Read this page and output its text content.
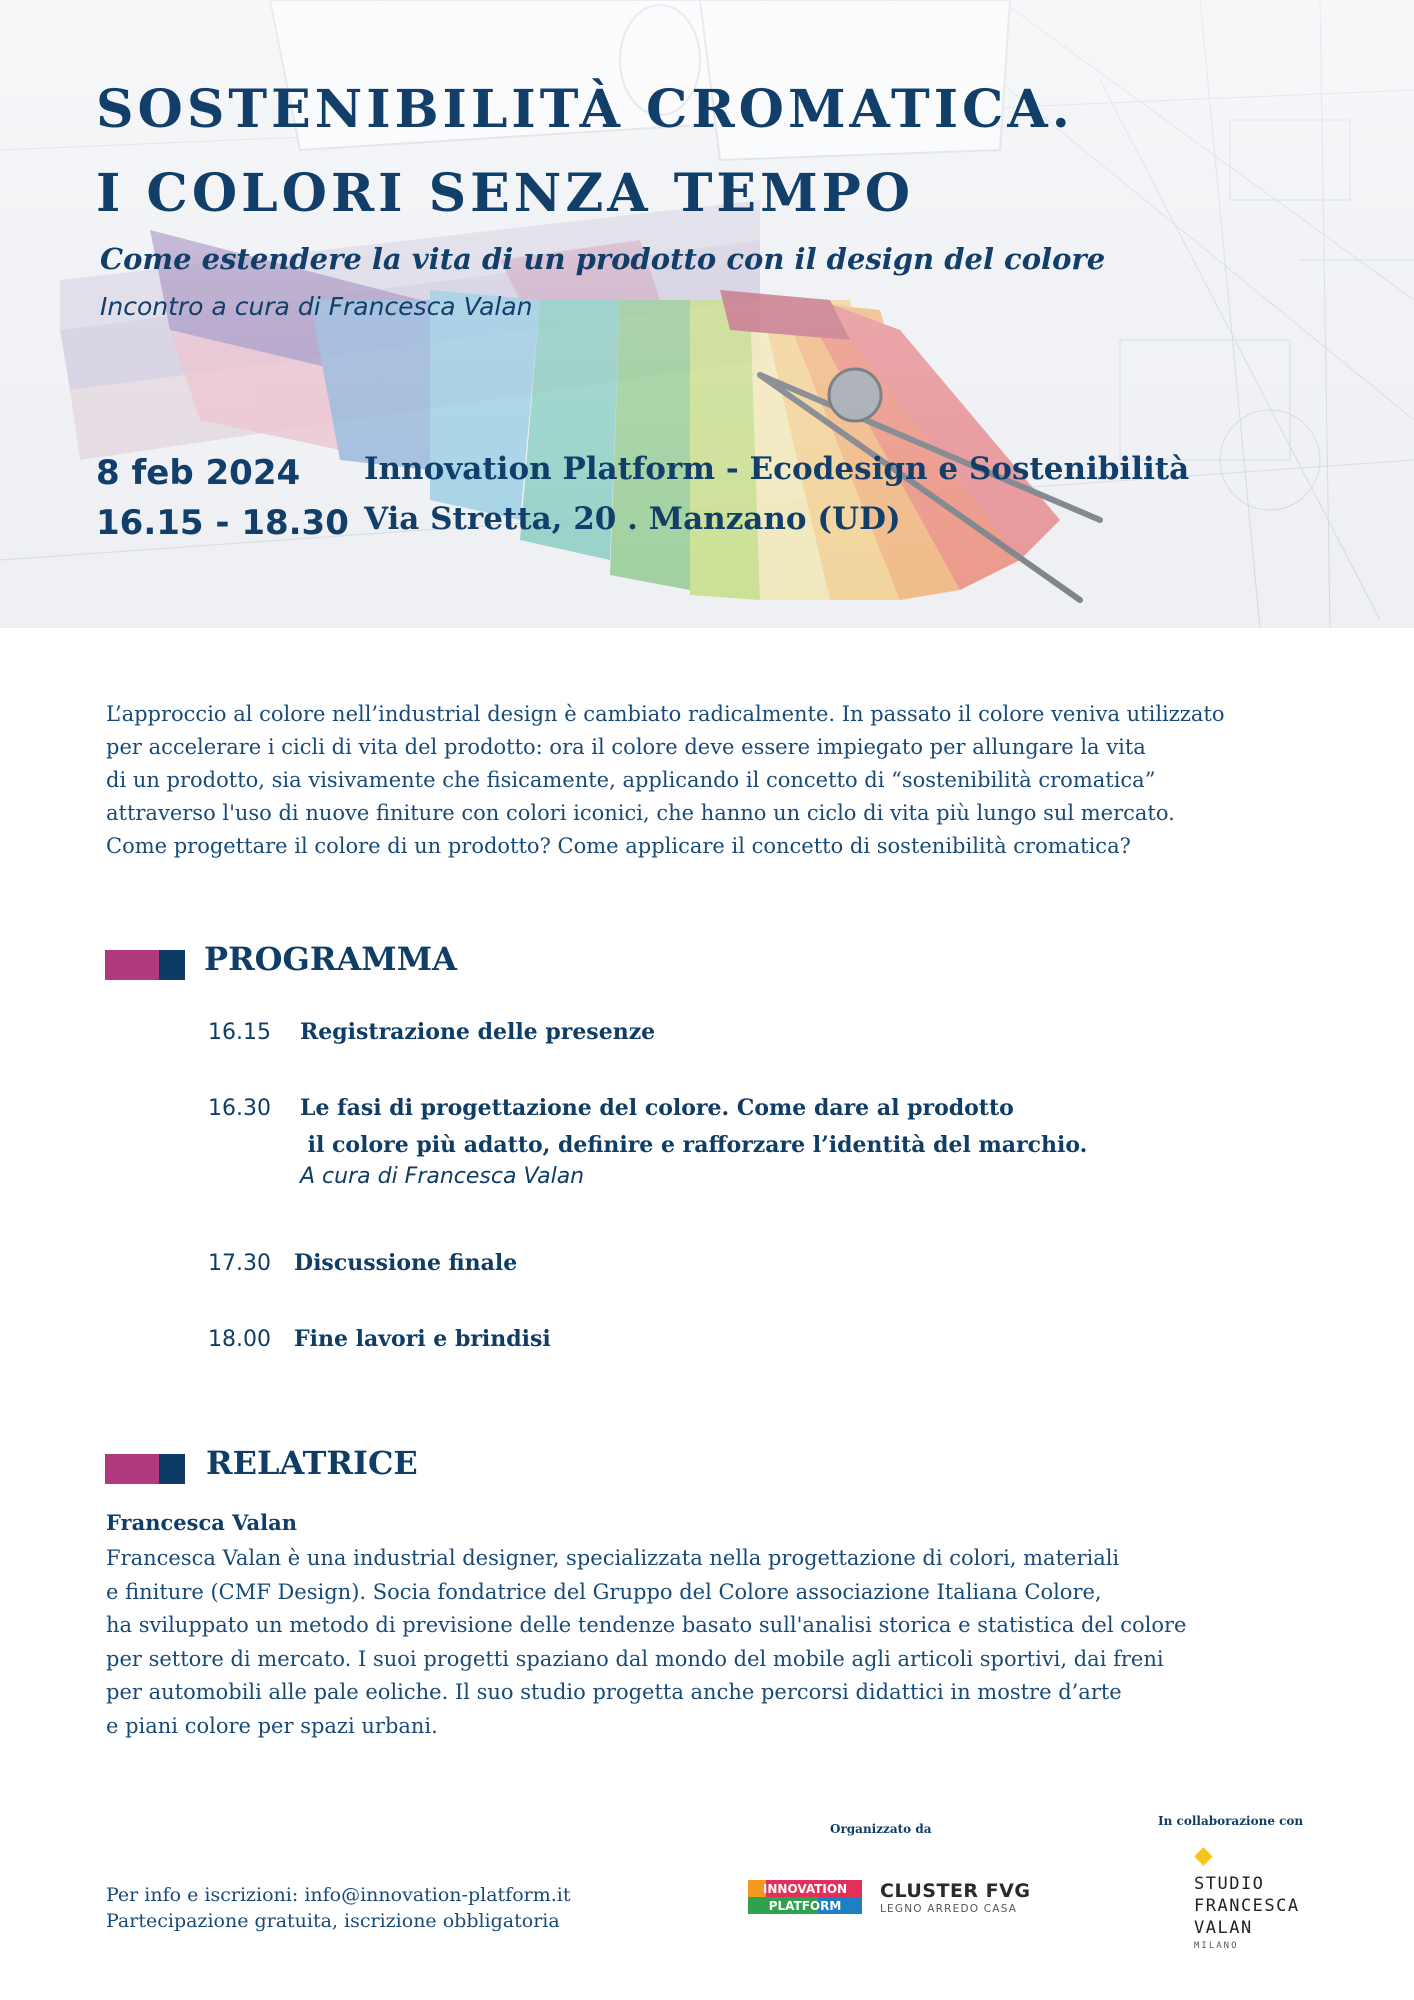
SOSTENIBILITÀ CROMATICA.
I COLORI SENZA TEMPO
Come estendere la vita di un prodotto con il design del colore
Incontro a cura di Francesca Valan
8 feb 2024
16.15 - 18.30
Innovation Platform - Ecodesign e Sostenibilità
Via Stretta, 20 . Manzano (UD)
L’approccio al colore nell’industrial design è cambiato radicalmente. In passato il colore veniva utilizzato
per accelerare i cicli di vita del prodotto: ora il colore deve essere impiegato per allungare la vita
di un prodotto, sia visivamente che fisicamente, applicando il concetto di “sostenibilità cromatica”
attraverso l'uso di nuove finiture con colori iconici, che hanno un ciclo di vita più lungo sul mercato.
Come progettare il colore di un prodotto? Come applicare il concetto di sostenibilità cromatica?
PROGRAMMA
16.15 Registrazione delle presenze
16.30 Le fasi di progettazione del colore. Come dare al prodotto
il colore più adatto, definire e rafforzare l’identità del marchio.
A cura di Francesca Valan
17.30 Discussione finale
18.00 Fine lavori e brindisi
RELATRICE
Francesca Valan
Francesca Valan è una industrial designer, specializzata nella progettazione di colori, materiali
e finiture (CMF Design). Socia fondatrice del Gruppo del Colore associazione Italiana Colore,
ha sviluppato un metodo di previsione delle tendenze basato sull'analisi storica e statistica del colore
per settore di mercato. I suoi progetti spaziano dal mondo del mobile agli articoli sportivi, dai freni
per automobili alle pale eoliche. Il suo studio progetta anche percorsi didattici in mostre d’arte
e piani colore per spazi urbani.
Per info e iscrizioni: info@innovation-platform.it
Partecipazione gratuita, iscrizione obbligatoria
Organizzato da
In collaborazione con
INNOVATION
PLATFORM
CLUSTER FVG
LEGNO ARREDO CASA
STUDIO
FRANCESCA
VALAN
MILANO
